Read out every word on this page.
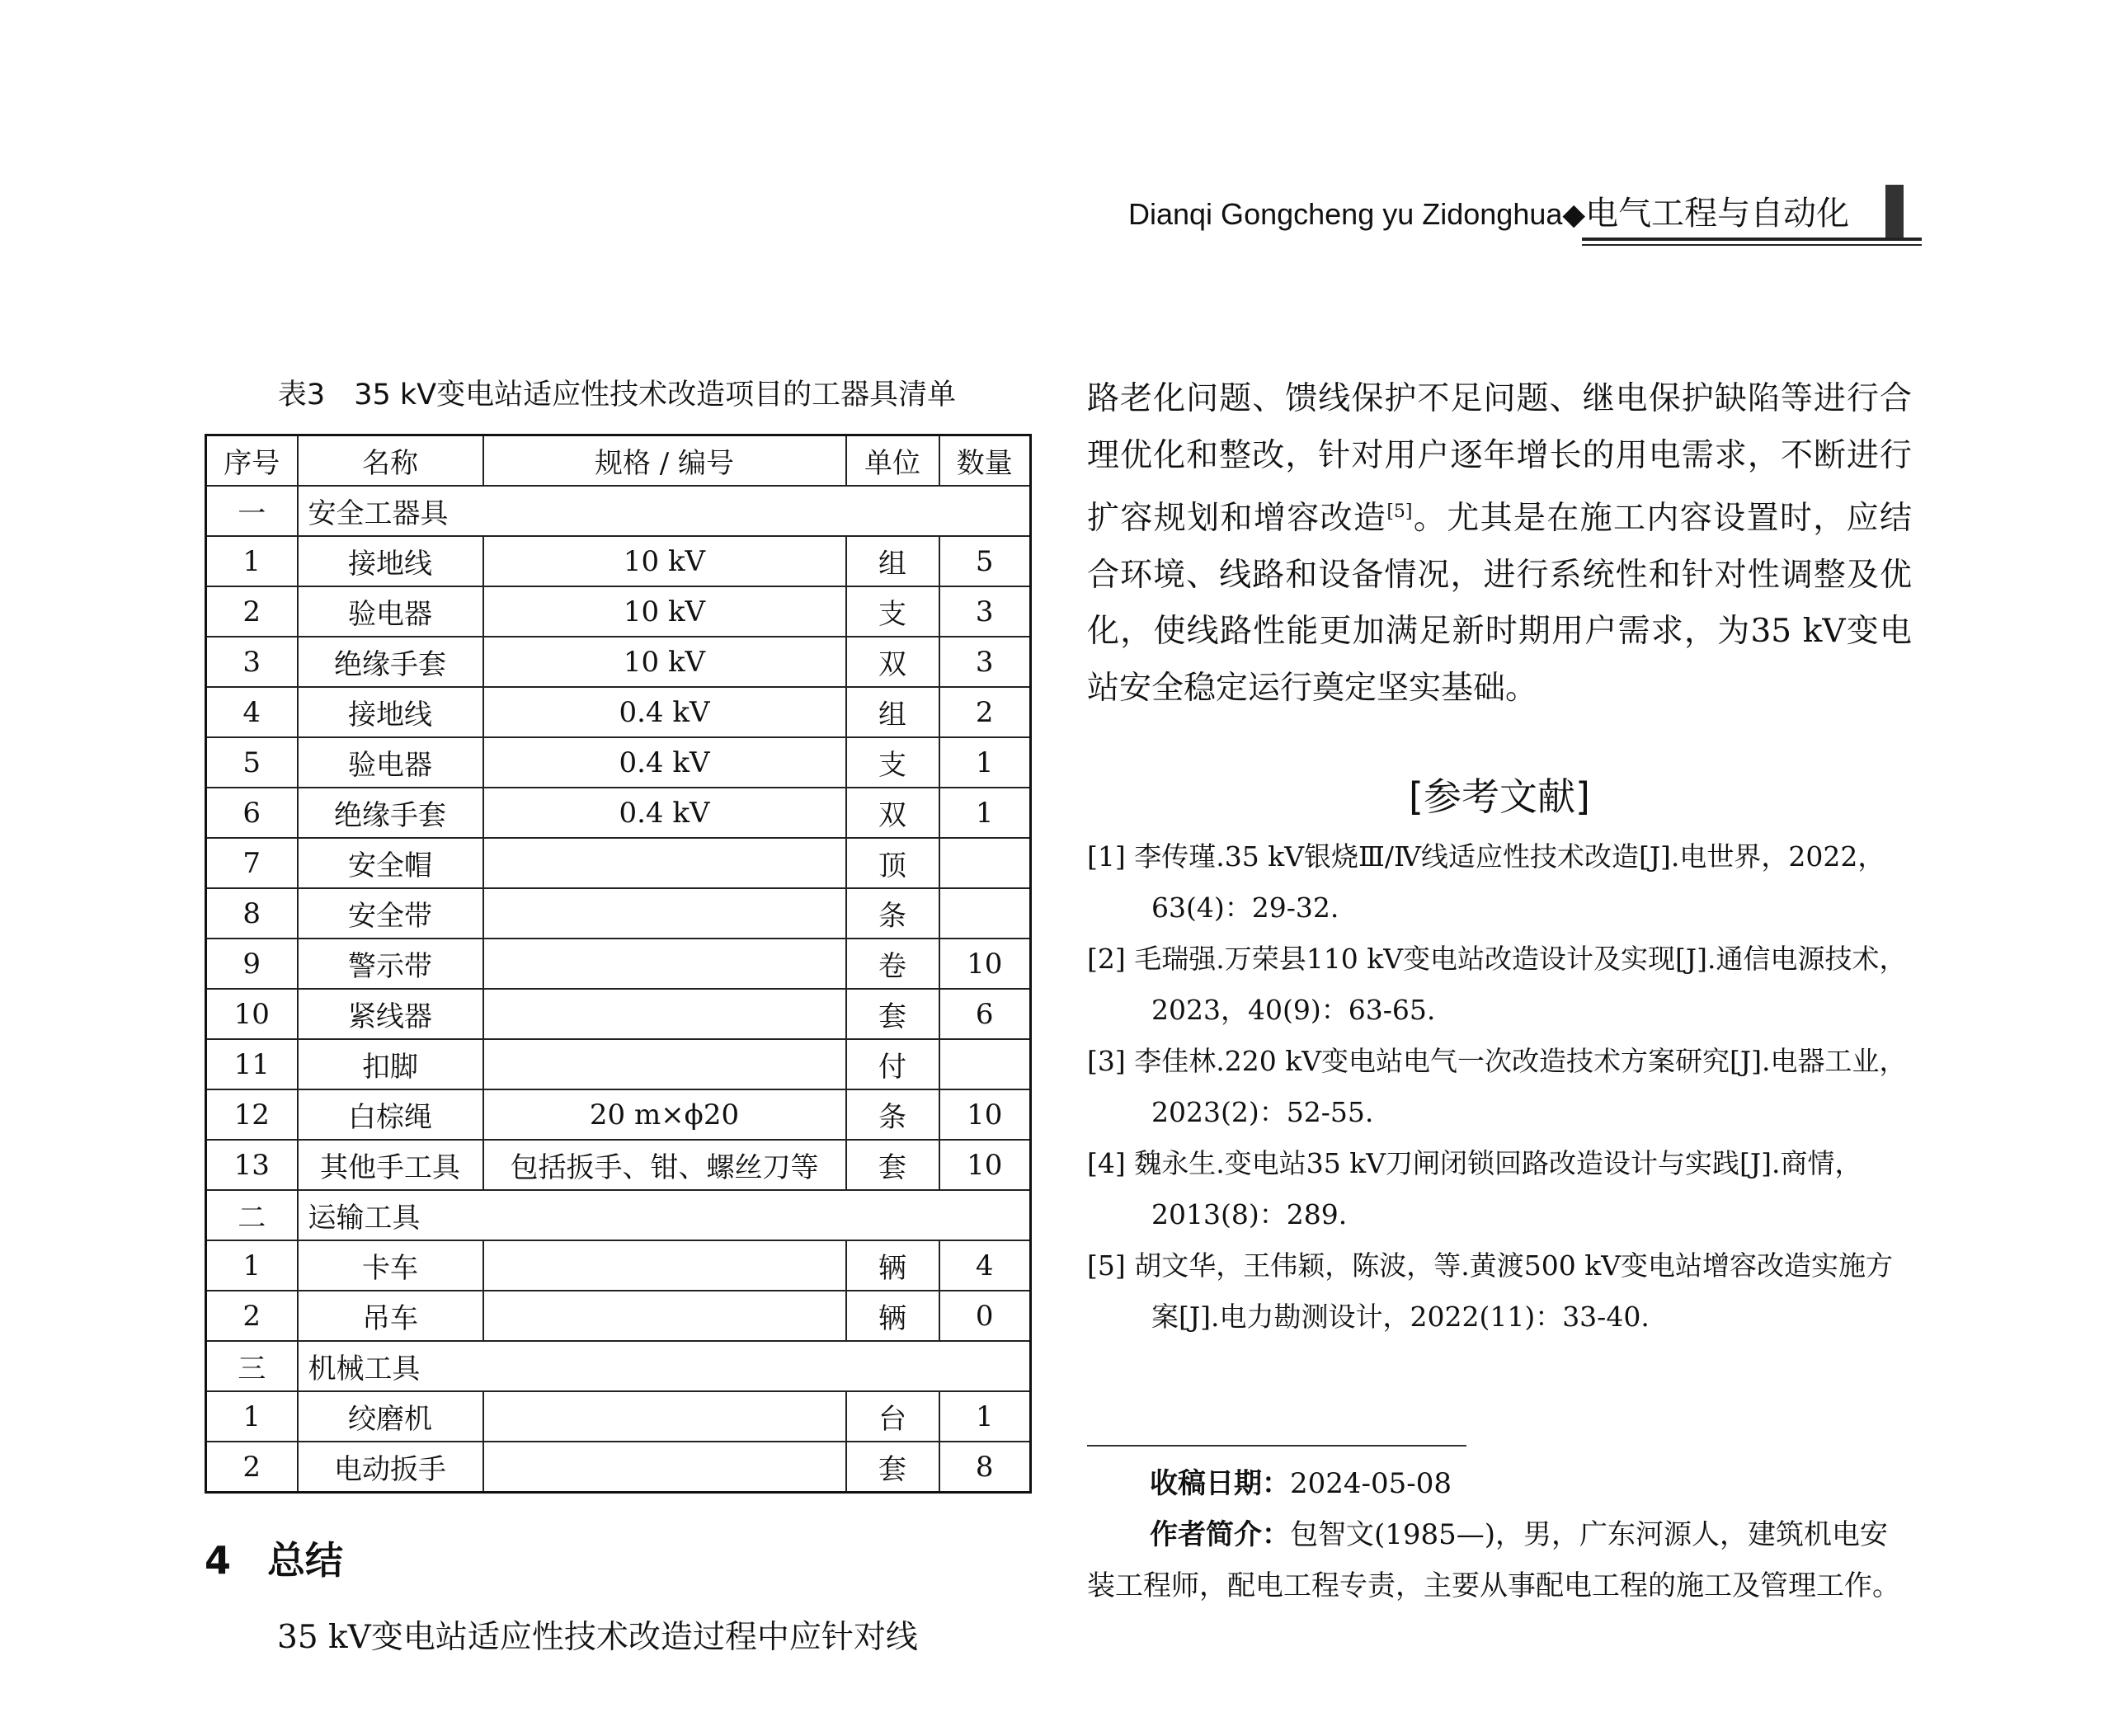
Dianqi Gongcheng yu Zidonghua◆电气工程与自动化
表3　35 kV变电站适应性技术改造项目的工器具清单
序号	名称	规格 / 编号	单位	数量
一	安全工器具			
1	接地线	10 kV	组	5
2	验电器	10 kV	支	3
3	绝缘手套	10 kV	双	3
4	接地线	0.4 kV	组	2
5	验电器	0.4 kV	支	1
6	绝缘手套	0.4 kV	双	1
7	安全帽		顶	
8	安全带		条	
9	警示带		卷	10
10	紧线器		套	6
11	扣脚		付	
12	白棕绳	20 m×ϕ20	条	10
13	其他手工具	包括扳手、钳、螺丝刀等	套	10
二	运输工具			
1	卡车		辆	4
2	吊车		辆	0
三	机械工具			
1	绞磨机		台	1
2	电动扳手		套	8
4 总结

35 kV变电站适应性技术改造过程中应针对线

路老化问题、馈线保护不足问题、继电保护缺陷等进行合理优化和整改，针对用户逐年增长的用电需求，不断进行扩容规划和增容改造[5]。尤其是在施工内容设置时，应结合环境、线路和设备情况，进行系统性和针对性调整及优化，使线路性能更加满足新时期用户需求，为35 kV变电站安全稳定运行奠定坚实基础。

[参考文献]
[1] 李传瑾.35 kV银烧Ⅲ/Ⅳ线适应性技术改造[J].电世界，2022，63(4)：29-32.
[2] 毛瑞强.万荣县110 kV变电站改造设计及实现[J].通信电源技术，2023，40(9)：63-65.
[3] 李佳林.220 kV变电站电气一次改造技术方案研究[J].电器工业，2023(2)：52-55.
[4] 魏永生.变电站35 kV刀闸闭锁回路改造设计与实践[J].商情，2013(8)：289.
[5] 胡文华，王伟颖，陈波，等.黄渡500 kV变电站增容改造实施方案[J].电力勘测设计，2022(11)：33-40.
收稿日期：2024-05-08
作者简介：包智文(1985—)，男，广东河源人，建筑机电安装工程师，配电工程专责，主要从事配电工程的施工及管理工作。
